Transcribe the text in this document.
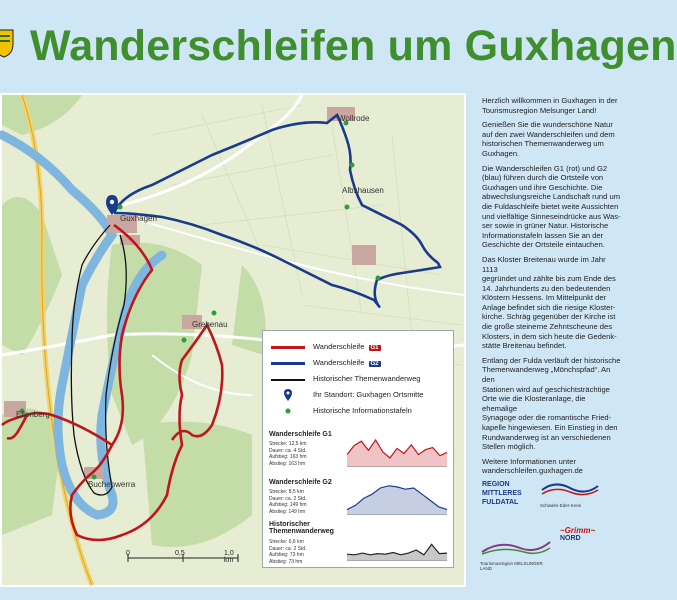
Wanderschleifen um Guxhagen
Guxhagen
Wollrode
Albshausen
Grebenau
Ellenberg
Buchenwerra
Wanderschleife G1
Wanderschleife G2
Historischer Themenwanderweg
Ihr Standort: Guxhagen Ortsmitte
Historische Informationstafeln
Wanderschleife G1
Strecke: 12,5 km
Dauer: ca. 4 Std.
Aufstieg: 163 hm
Abstieg: 163 hm
Wanderschleife G2
Strecke: 8,5 km
Dauer: ca. 2 Std.
Aufstieg: 149 hm
Abstieg: 149 hm
Historischer Themenwanderweg
Strecke: 6,6 km
Dauer: ca. 2 Std.
Aufstieg: 73 hm
Abstieg: 73 hm
0	0,5	1,0 km

Herzlich willkommen in Guxhagen in der
Tourismusregion Melsunger Land!

Genießen Sie die wunderschöne Natur
auf den zwei Wanderschleifen und dem
historischen Themenwanderweg um
Guxhagen.

Die Wanderschleifen G1 (rot) und G2
(blau) führen durch die Ortsteile von
Guxhagen und ihre Geschichte. Die
abwechslungsreiche Landschaft rund um
die Fuldaschleife bietet weite Aussichten
und vielfältige Sinneseindrücke aus Was-
ser sowie in grüner Natur. Historische
Informationstafeln lassen Sie an der
Geschichte der Ortsteile eintauchen.

Das Kloster Breitenau wurde im Jahr 1113
gegründet und zählte bis zum Ende des
14. Jahrhunderts zu den bedeutenden
Klöstern Hessens. Im Mittelpunkt der
Anlage befindet sich die riesige Kloster-
kirche. Schräg gegenüber der Kirche ist
die große steinerne Zehntscheune des
Klosters, in dem sich heute die Gedenk-
stätte Breitenau befindet.

Entlang der Fulda verläuft der historische
Themenwanderweg „Mönchspfad“. An den
Stationen wird auf geschichtsträchtige
Orte wie die Klosteranlage, die ehemalige
Synagoge oder die romantische Fried-
kapelle hingewiesen. Ein Einstieg in den
Rundwanderweg ist an verschiedenen
Stellen möglich.

Weitere Informationen unter
wanderschleifen.guxhagen.de

REGION
MITTLERES
FULDATAL	Schwalm-Eder-Kreis
Tourismusregion MELSUNGER LAND
~Grimm~
NORD
